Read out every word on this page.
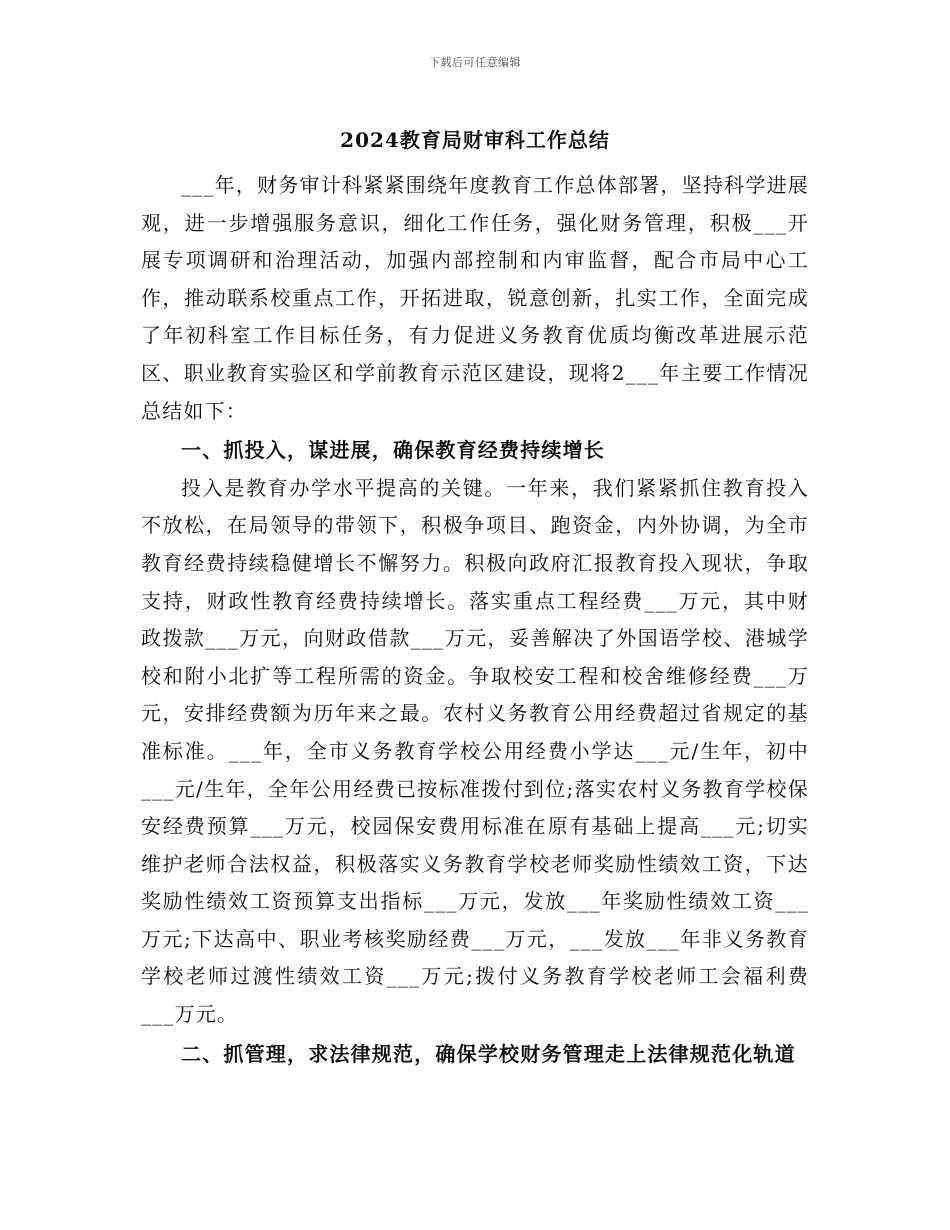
下载后可任意编辑
2024教育局财审科工作总结

___年，财务审计科紧紧围绕年度教育工作总体部署，坚持科学进展观，进一步增强服务意识，细化工作任务，强化财务管理，积极___开展专项调研和治理活动，加强内部控制和内审监督，配合市局中心工作，推动联系校重点工作，开拓进取，锐意创新，扎实工作，全面完成了年初科室工作目标任务，有力促进义务教育优质均衡改革进展示范区、职业教育实验区和学前教育示范区建设，现将2___年主要工作情况总结如下：

一、抓投入，谋进展，确保教育经费持续增长

投入是教育办学水平提高的关键。一年来，我们紧紧抓住教育投入不放松，在局领导的带领下，积极争项目、跑资金，内外协调，为全市教育经费持续稳健增长不懈努力。积极向政府汇报教育投入现状，争取支持，财政性教育经费持续增长。落实重点工程经费___万元，其中财政拨款___万元，向财政借款___万元，妥善解决了外国语学校、港城学校和附小北扩等工程所需的资金。争取校安工程和校舍维修经费___万元，安排经费额为历年来之最。农村义务教育公用经费超过省规定的基准标准。___年，全市义务教育学校公用经费小学达___元/生年，初中___元/生年，全年公用经费已按标准拨付到位;落实农村义务教育学校保安经费预算___万元，校园保安费用标准在原有基础上提高___元;切实维护老师合法权益，积极落实义务教育学校老师奖励性绩效工资，下达奖励性绩效工资预算支出指标___万元，发放___年奖励性绩效工资___万元;下达高中、职业考核奖励经费___万元，___发放___年非义务教育学校老师过渡性绩效工资___万元;拨付义务教育学校老师工会福利费___万元。

二、抓管理，求法律规范，确保学校财务管理走上法律规范化轨道
